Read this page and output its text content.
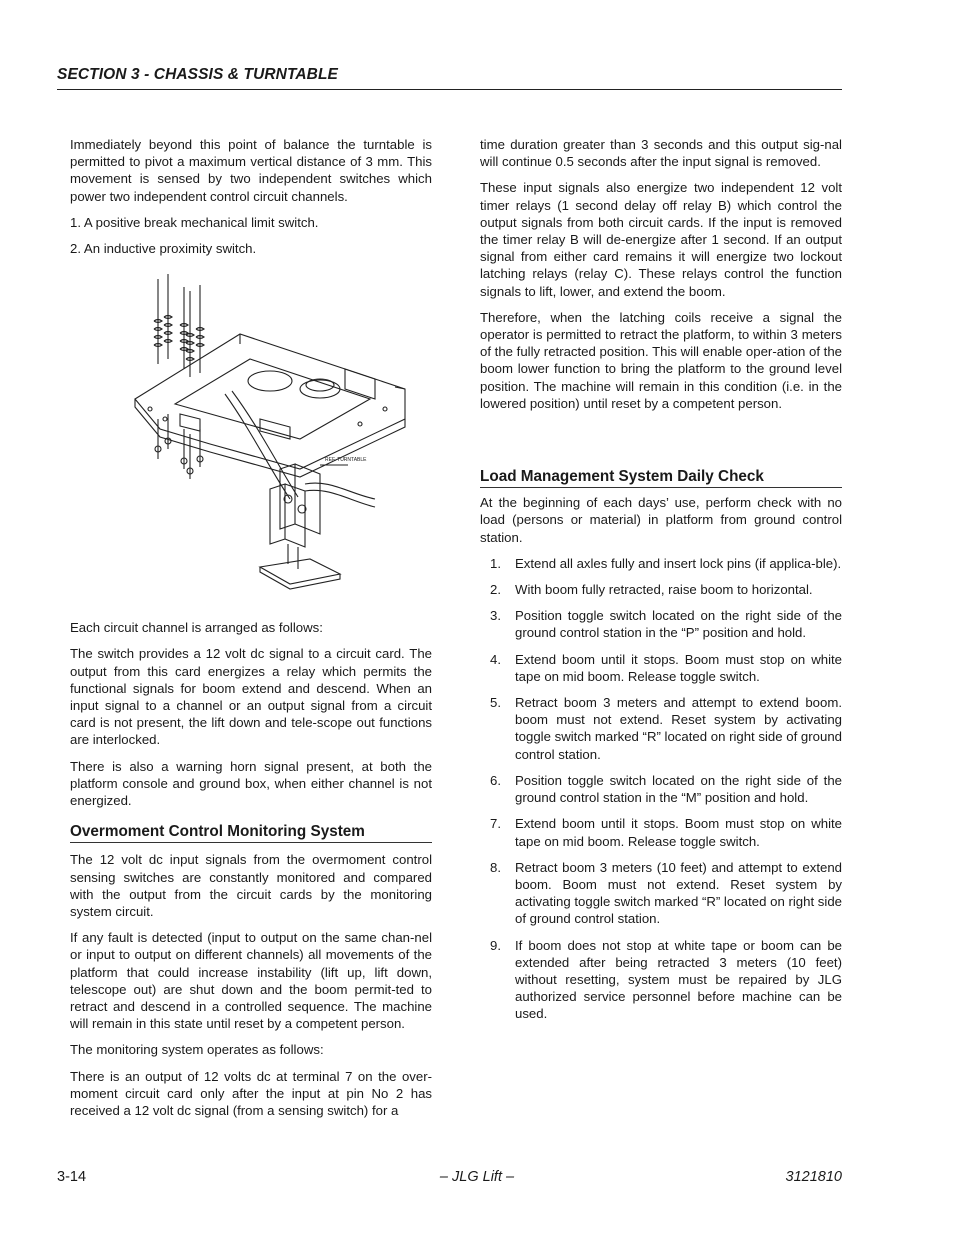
SECTION 3 - CHASSIS & TURNTABLE

Immediately beyond this point of balance the turntable is permitted to pivot a maximum vertical distance of 3 mm. This movement is sensed by two independent switches which power two independent control circuit channels.

1. A positive break mechanical limit switch.

2. An inductive proximity switch.

REF. TURNTABLE

Each circuit channel is arranged as follows:

The switch provides a 12 volt dc signal to a circuit card. The output from this card energizes a relay which permits the functional signals for boom extend and descend. When an input signal to a channel or an output signal from a circuit card is not present, the lift down and tele-scope out functions are interlocked.

There is also a warning horn signal present, at both the platform console and ground box, when either channel is not energized.

Overmoment Control Monitoring System

The 12 volt dc input signals from the overmoment control sensing switches are constantly monitored and compared with the output from the circuit cards by the monitoring system circuit.

If any fault is detected (input to output on the same chan-nel or input to output on different channels) all movements of the platform that could increase instability (lift up, lift down, telescope out) are shut down and the boom permit-ted to retract and descend in a controlled sequence. The machine will remain in this state until reset by a competent person.

The monitoring system operates as follows:

There is an output of 12 volts dc at terminal 7 on the over-moment circuit card only after the input at pin No 2 has received a 12 volt dc signal (from a sensing switch) for a

time duration greater than 3 seconds and this output sig-nal will continue 0.5 seconds after the input signal is removed.

These input signals also energize two independent 12 volt timer relays (1 second delay off relay B) which control the output signals from both circuit cards. If the input is removed the timer relay B will de-energize after 1 second. If an output signal from either card remains it will energize two lockout latching relays (relay C). These relays control the function signals to lift, lower, and extend the boom.

Therefore, when the latching coils receive a signal the operator is permitted to retract the platform, to within 3 meters of the fully retracted position. This will enable oper-ation of the boom lower function to bring the platform to the ground level position. The machine will remain in this condition (i.e. in the lowered position) until reset by a competent person.

Load Management System Daily Check

At the beginning of each days’ use, perform check with no load (persons or material) in platform from ground control station.

1. Extend all axles fully and insert lock pins (if applica-ble).
2. With boom fully retracted, raise boom to horizontal.
3. Position toggle switch located on the right side of the ground control station in the “P” position and hold.
4. Extend boom until it stops. Boom must stop on white tape on mid boom. Release toggle switch.
5. Retract boom 3 meters and attempt to extend boom. boom must not extend. Reset system by activating toggle switch marked “R” located on right side of ground control station.
6. Position toggle switch located on the right side of the ground control station in the “M” position and hold.
7. Extend boom until it stops. Boom must stop on white tape on mid boom. Release toggle switch.
8. Retract boom 3 meters (10 feet) and attempt to extend boom. Boom must not extend. Reset system by activating toggle switch marked “R” located on right side of ground control station.
9. If boom does not stop at white tape or boom can be extended after being retracted 3 meters (10 feet) without resetting, system must be repaired by JLG authorized service personnel before machine can be used.
3-14	– JLG Lift –	3121810
